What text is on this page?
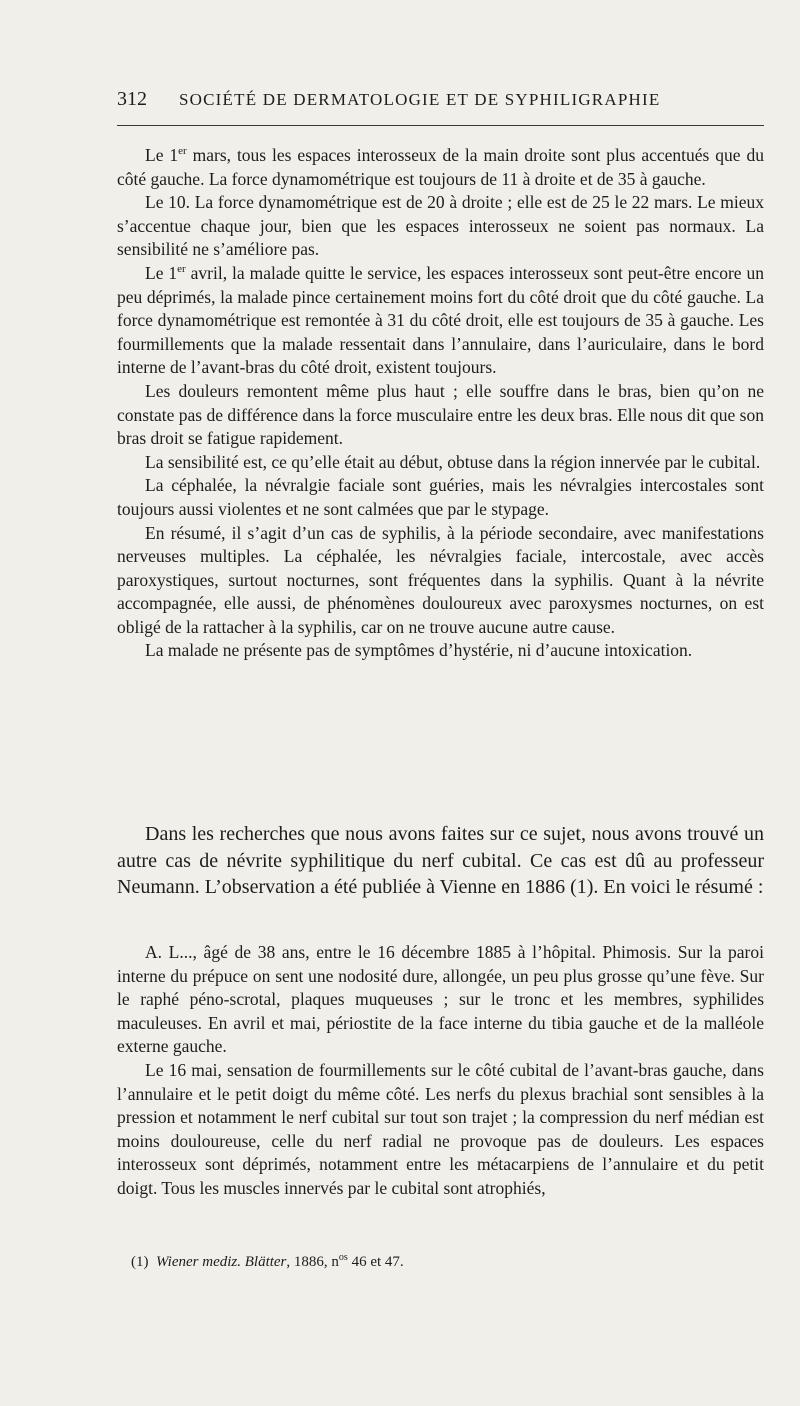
312 SOCIÉTÉ DE DERMATOLOGIE ET DE SYPHILIGRAPHIE

Le 1er mars, tous les espaces interosseux de la main droite sont plus accentués que du côté gauche. La force dynamométrique est toujours de 11 à droite et de 35 à gauche.

Le 10. La force dynamométrique est de 20 à droite ; elle est de 25 le 22 mars. Le mieux s’accentue chaque jour, bien que les espaces interosseux ne soient pas normaux. La sensibilité ne s’améliore pas.

Le 1er avril, la malade quitte le service, les espaces interosseux sont peut-être encore un peu déprimés, la malade pince certainement moins fort du côté droit que du côté gauche. La force dynamométrique est remontée à 31 du côté droit, elle est toujours de 35 à gauche. Les fourmillements que la malade ressentait dans l’annulaire, dans l’auriculaire, dans le bord interne de l’avant-bras du côté droit, existent toujours.

Les douleurs remontent même plus haut ; elle souffre dans le bras, bien qu’on ne constate pas de différence dans la force musculaire entre les deux bras. Elle nous dit que son bras droit se fatigue rapidement.

La sensibilité est, ce qu’elle était au début, obtuse dans la région innervée par le cubital.

La céphalée, la névralgie faciale sont guéries, mais les névralgies intercostales sont toujours aussi violentes et ne sont calmées que par le stypage.

En résumé, il s’agit d’un cas de syphilis, à la période secondaire, avec manifestations nerveuses multiples. La céphalée, les névralgies faciale, intercostale, avec accès paroxystiques, surtout nocturnes, sont fréquentes dans la syphilis. Quant à la névrite accompagnée, elle aussi, de phénomènes douloureux avec paroxysmes nocturnes, on est obligé de la rattacher à la syphilis, car on ne trouve aucune autre cause.

La malade ne présente pas de symptômes d’hystérie, ni d’aucune intoxication.

Dans les recherches que nous avons faites sur ce sujet, nous avons trouvé un autre cas de névrite syphilitique du nerf cubital. Ce cas est dû au professeur Neumann. L’observation a été publiée à Vienne en 1886 (1). En voici le résumé :

A. L..., âgé de 38 ans, entre le 16 décembre 1885 à l’hôpital. Phimosis. Sur la paroi interne du prépuce on sent une nodosité dure, allongée, un peu plus grosse qu’une fève. Sur le raphé péno-scrotal, plaques muqueuses ; sur le tronc et les membres, syphilides maculeuses. En avril et mai, périostite de la face interne du tibia gauche et de la malléole externe gauche.

Le 16 mai, sensation de fourmillements sur le côté cubital de l’avant-bras gauche, dans l’annulaire et le petit doigt du même côté. Les nerfs du plexus brachial sont sensibles à la pression et notamment le nerf cubital sur tout son trajet ; la compression du nerf médian est moins douloureuse, celle du nerf radial ne provoque pas de douleurs. Les espaces interosseux sont déprimés, notamment entre les métacarpiens de l’annulaire et du petit doigt. Tous les muscles innervés par le cubital sont atrophiés,

(1) Wiener mediz. Blätter, 1886, $n^{os}$ 46 et 47.
